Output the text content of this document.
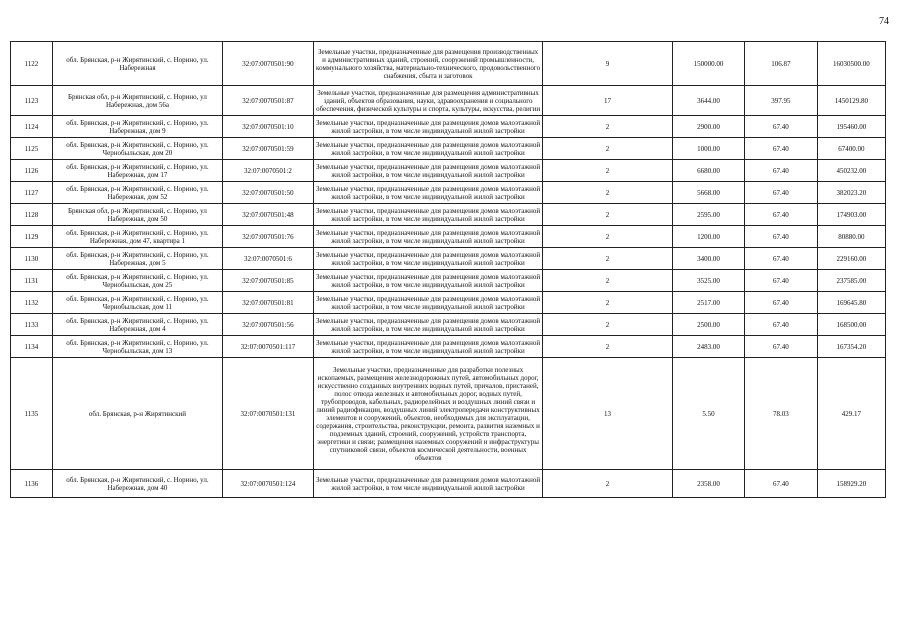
74
1122	обл. Брянская, р-н Жирятинский, с. Норино, ул. Набережная	32:07:0070501:90	Земельные участки, предназначенные для размещения производственных и административных зданий, строений, сооружений промышленности, коммунального хозяйства, материально-технического, продовольственного снабжения, сбыта и заготовок	9	150000.00	106.87	16030500.00
1123	Брянская обл, р-н Жирятинский, с. Норино, ул Набережная, дом 56а	32:07:0070501:87	Земельные участки, предназначенные для размещения административных зданий, объектов образования, науки, здравоохранения и социального обеспечения, физической культуры и спорта, культуры, искусства, религии	17	3644.00	397.95	1450129.80
1124	обл. Брянская, р-н Жирятинский, с. Норино, ул. Набережная, дом 9	32:07:0070501:10	Земельные участки, предназначенные для размещения домов малоэтажной жилой застройки, в том числе индивидуальной жилой застройки	2	2900.00	67.40	195460.00
1125	обл. Брянская, р-н Жирятинский, с. Норино, ул. Чернобыльская, дом 20	32:07:0070501:59	Земельные участки, предназначенные для размещения домов малоэтажной жилой застройки, в том числе индивидуальной жилой застройки	2	1000.00	67.40	67400.00
1126	обл. Брянская, р-н Жирятинский, с. Норино, ул. Набережная, дом 17	32:07:0070501:2	Земельные участки, предназначенные для размещения домов малоэтажной жилой застройки, в том числе индивидуальной жилой застройки	2	6680.00	67.40	450232.00
1127	обл. Брянская, р-н Жирятинский, с. Норино, ул. Набережная, дом 52	32:07:0070501:50	Земельные участки, предназначенные для размещения домов малоэтажной жилой застройки, в том числе индивидуальной жилой застройки	2	5668.00	67.40	382023.20
1128	Брянская обл, р-н Жирятинский, с. Норино, ул Набережная, дом 50	32:07:0070501:48	Земельные участки, предназначенные для размещения домов малоэтажной жилой застройки, в том числе индивидуальной жилой застройки	2	2595.00	67.40	174903.00
1129	обл. Брянская, р-н Жирятинский, с. Норино, ул. Набережная, дом 47, квартира 1	32:07:0070501:76	Земельные участки, предназначенные для размещения домов малоэтажной жилой застройки, в том числе индивидуальной жилой застройки	2	1200.00	67.40	80880.00
1130	обл. Брянская, р-н Жирятинский, с. Норино, ул. Набережная, дом 5	32:07:0070501:6	Земельные участки, предназначенные для размещения домов малоэтажной жилой застройки, в том числе индивидуальной жилой застройки	2	3400.00	67.40	229160.00
1131	обл. Брянская, р-н Жирятинский, с. Норино, ул. Чернобыльская, дом 25	32:07:0070501:85	Земельные участки, предназначенные для размещения домов малоэтажной жилой застройки, в том числе индивидуальной жилой застройки	2	3525.00	67.40	237585.00
1132	обл. Брянская, р-н Жирятинский, с. Норино, ул. Чернобыльская, дом 11	32:07:0070501:81	Земельные участки, предназначенные для размещения домов малоэтажной жилой застройки, в том числе индивидуальной жилой застройки	2	2517.00	67.40	169645.80
1133	обл. Брянская, р-н Жирятинский, с. Норино, ул. Набережная, дом 4	32:07:0070501:56	Земельные участки, предназначенные для размещения домов малоэтажной жилой застройки, в том числе индивидуальной жилой застройки	2	2500.00	67.40	168500.00
1134	обл. Брянская, р-н Жирятинский, с. Норино, ул. Чернобыльская, дом 13	32:07:0070501:117	Земельные участки, предназначенные для размещения домов малоэтажной жилой застройки, в том числе индивидуальной жилой застройки	2	2483.00	67.40	167354.20
1135	обл. Брянская, р-н Жирятинский	32:07:0070501:131	Земельные участки, предназначенные для разработки полезных ископаемых, размещения железнодорожных путей, автомобильных дорог, искусственно созданных внутренних водных путей, причалов, пристаней, полос отвода железных и автомобильных дорог, водных путей, трубопроводов, кабельных, радиорелейных и воздушных линий связи и линий радиофикации, воздушных линий электропередачи конструктивных элементов и сооружений, объектов, необходимых для эксплуатации, содержания, строительства, реконструкции, ремонта, развития наземных и подземных зданий, строений, сооружений, устройств транспорта, энергетики и связи; размещения наземных сооружений и инфраструктуры спутниковой связи, объектов космической деятельности, военных объектов	13	5.50	78.03	429.17
1136	обл. Брянская, р-н Жирятинский, с. Норино, ул. Набережная, дом 40	32:07:0070501:124	Земельные участки, предназначенные для размещения домов малоэтажной жилой застройки, в том числе индивидуальной жилой застройки	2	2358.00	67.40	158929.20
